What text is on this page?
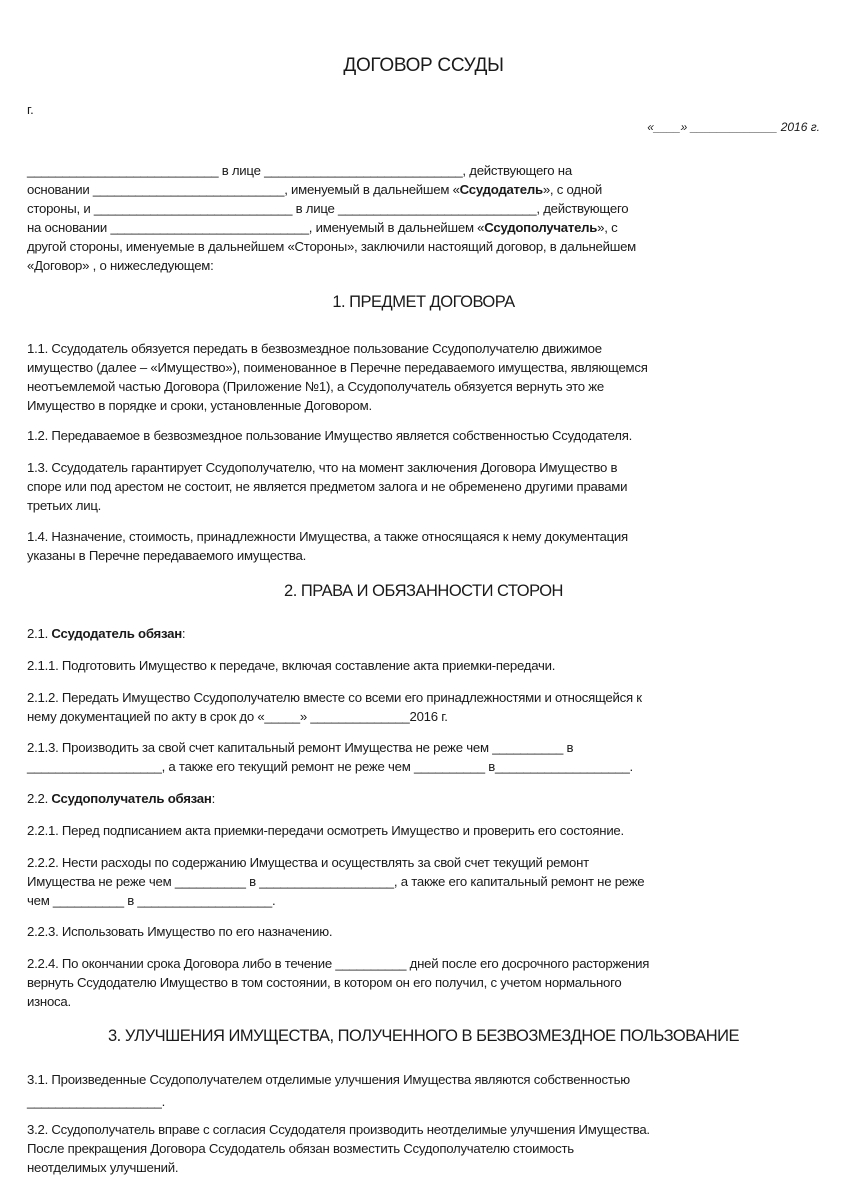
ДОГОВОР ССУДЫ
г.
«____» _____________ 2016 г.

___________________________ в лице ____________________________, действующего на

основании ___________________________, именуемый в дальнейшем «Ссудодатель», с одной

стороны, и ____________________________ в лице ____________________________, действующего

на основании ____________________________, именуемый в дальнейшем «Ссудополучатель», с

другой стороны, именуемые в дальнейшем «Стороны», заключили настоящий договор, в дальнейшем

«Договор» , о нижеследующем:

1. ПРЕДМЕТ ДОГОВОРА

1.1. Ссудодатель обязуется передать в безвозмездное пользование Ссудополучателю движимое

имущество (далее – «Имущество»), поименованное в Перечне передаваемого имущества, являющемся

неотъемлемой частью Договора (Приложение №1), а Ссудополучатель обязуется вернуть это же

Имущество в порядке и сроки, установленные Договором.

1.2. Передаваемое в безвозмездное пользование Имущество является собственностью Ссудодателя.

1.3. Ссудодатель гарантирует Ссудополучателю, что на момент заключения Договора Имущество в

споре или под арестом не состоит, не является предметом залога и не обременено другими правами

третьих лиц.

1.4. Назначение, стоимость, принадлежности Имущества, а также относящаяся к нему документация

указаны в Перечне передаваемого имущества.

2. ПРАВА И ОБЯЗАННОСТИ СТОРОН

2.1. Ссудодатель обязан:

2.1.1. Подготовить Имущество к передаче, включая составление акта приемки-передачи.

2.1.2. Передать Имущество Ссудополучателю вместе со всеми его принадлежностями и относящейся к

нему документацией по акту в срок до «_____» ______________2016 г.

2.1.3. Производить за свой счет капитальный ремонт Имущества не реже чем __________ в

___________________, а также его текущий ремонт не реже чем __________ в___________________.

2.2. Ссудополучатель обязан:

2.2.1. Перед подписанием акта приемки-передачи осмотреть Имущество и проверить его состояние.

2.2.2. Нести расходы по содержанию Имущества и осуществлять за свой счет текущий ремонт

Имущества не реже чем __________ в ___________________, а также его капитальный ремонт не реже

чем __________ в ___________________.

2.2.3. Использовать Имущество по его назначению.

2.2.4. По окончании срока Договора либо в течение __________ дней после его досрочного расторжения

вернуть Ссудодателю Имущество в том состоянии, в котором он его получил, с учетом нормального

износа.

3. УЛУЧШЕНИЯ ИМУЩЕСТВА, ПОЛУЧЕННОГО В БЕЗВОЗМЕЗДНОЕ ПОЛЬЗОВАНИЕ

3.1. Произведенные Ссудополучателем отделимые улучшения Имущества являются собственностью

___________________.

3.2. Ссудополучатель вправе с согласия Ссудодателя производить неотделимые улучшения Имущества.

После прекращения Договора Ссудодатель обязан возместить Ссудополучателю стоимость

неотделимых улучшений.
